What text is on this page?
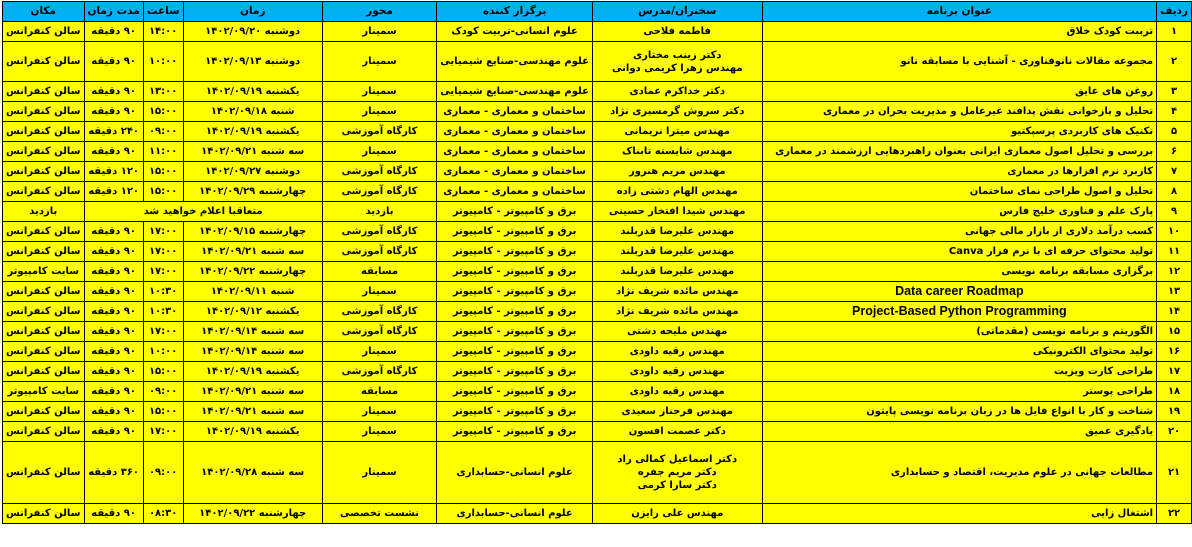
ردیف	عنوان برنامه	سخنران/مدرس	برگزار کننده	محور	زمان	ساعت	مدت زمان	مکان
۱	ترببت کودک خلاق	فاطمه فلاحی	علوم انسانی-تربیت کودک	سمینار	دوشنبه ۱۴۰۲/۰۹/۲۰	۱۴:۰۰	۹۰ دقیقه	سالن کنفرانس
۲	مجموعه مقالات نانوفناوری - آشنایی با مسابقه نانو	دکتر زینب مختاری
مهندس زهرا کریمی دوانی	علوم مهندسی-صنایع شیمیایی	سمینار	دوشنبه ۱۴۰۲/۰۹/۱۳	۱۰:۰۰	۹۰ دقیقه	سالن کنفرانس
۳	روغن های عایق	دکتر خداکرم عمادی	علوم مهندسی-صنایع شیمیایی	سمینار	یکشنبه ۱۴۰۲/۰۹/۱۹	۱۳:۰۰	۹۰ دقیقه	سالن کنفرانس
۴	تحلیل و بازخوانی نقش پدافند غیرعامل و مدیریت بحران در معماری	دکتر سروش گرمسیری نژاد	ساختمان و معماری - معماری	سمینار	شنبه ۱۴۰۲/۰۹/۱۸	۱۵:۰۰	۹۰ دقیقه	سالن کنفرانس
۵	تکنیک های کاربردی پرسپکتیو	مهندس میترا نریمانی	ساختمان و معماری - معماری	کارگاه آموزشی	یکشنبه ۱۴۰۲/۰۹/۱۹	۰۹:۰۰	۲۴۰ دقیقه	سالن کنفرانس
۶	بررسی و تحلیل اصول معماری ایرانی بعنوان راهبردهایی ارزشمند در معماری	مهندس شایسته تابناک	ساختمان و معماری - معماری	سمینار	سه شنبه ۱۴۰۲/۰۹/۲۱	۱۱:۰۰	۹۰ دقیقه	سالن کنفرانس
۷	کاربرد نرم افزارها در معماری	مهندس مریم هنرور	ساختمان و معماری - معماری	کارگاه آموزشی	دوشنبه ۱۴۰۲/۰۹/۲۷	۱۵:۰۰	۱۲۰ دقیقه	سالن کنفرانس
۸	تحلیل و اصول طراحی نمای ساختمان	مهندس الهام دشتی زاده	ساختمان و معماری - معماری	کارگاه آموزشی	چهارشنبه ۱۴۰۲/۰۹/۲۹	۱۵:۰۰	۱۲۰ دقیقه	سالن کنفرانس
۹	پارک علم و فناوری خلیج فارس	مهندس شیدا افتخار حسینی	برق و کامپیوتر - کامپیوتر	بازدید	متعاقبا اعلام خواهید شد			بازدید
۱۰	کسب درآمد دلاری از بازار مالی جهانی	مهندس علیرضا قدربلند	برق و کامپیوتر - کامپیوتر	کارگاه آموزشی	چهارشنبه ۱۴۰۲/۰۹/۱۵	۱۷:۰۰	۹۰ دقیقه	سالن کنفرانس
۱۱	تولید محتوای حرفه ای با نرم فزار Canva	مهندس علیرضا قدربلند	برق و کامپیوتر - کامپیوتر	کارگاه آموزشی	سه شنبه ۱۴۰۲/۰۹/۲۱	۱۷:۰۰	۹۰ دقیقه	سالن کنفرانس
۱۲	برگزاری مسابقه برنامه نویسی	مهندس علیرضا قدربلند	برق و کامپیوتر - کامپیوتر	مسابقه	چهارشنبه ۱۴۰۲/۰۹/۲۲	۱۷:۰۰	۹۰ دقیقه	سایت کامپیوتر
۱۳	Data career Roadmap	مهندس مائده شریف نژاد	برق و کامپیوتر - کامپیوتر	سمینار	شنبه ۱۴۰۲/۰۹/۱۱	۱۰:۳۰	۹۰ دقیقه	سالن کنفرانس
۱۴	Project-Based Python Programming	مهندس مائده شریف نژاد	برق و کامپیوتر - کامپیوتر	کارگاه آموزشی	یکشنبه ۱۴۰۲/۰۹/۱۲	۱۰:۳۰	۹۰ دقیقه	سالن کنفرانس
۱۵	الگوریتم و برنامه نویسی (مقدماتی)	مهندس ملیحه دشتی	برق و کامپیوتر - کامپیوتر	کارگاه آموزشی	سه شنبه ۱۴۰۲/۰۹/۱۴	۱۷:۰۰	۹۰ دقیقه	سالن کنفرانس
۱۶	تولید محتوای الکترونیکی	مهندس رقیه داودی	برق و کامپیوتر - کامپیوتر	سمینار	سه شنبه ۱۴۰۲/۰۹/۱۴	۱۰:۰۰	۹۰ دقیقه	سالن کنفرانس
۱۷	طراحی کارت ویزیت	مهندس رقیه داودی	برق و کامپیوتر - کامپیوتر	کارگاه آموزشی	یکشنبه ۱۴۰۲/۰۹/۱۹	۱۵:۰۰	۹۰ دقیقه	سالن کنفرانس
۱۸	طراحی پوستر	مهندس رقیه داودی	برق و کامپیوتر - کامپیوتر	مسابقه	سه شنبه ۱۴۰۲/۰۹/۲۱	۰۹:۰۰	۹۰ دقیقه	سایت کامپیوتر
۱۹	شناخت و کار با انواع فایل ها در زبان برنامه نویسی پایتون	مهندس فرحناز سعیدی	برق و کامپیوتر - کامپیوتر	سمینار	سه شنبه ۱۴۰۲/۰۹/۲۱	۱۵:۰۰	۹۰ دقیقه	سالن کنفرانس
۲۰	یادگیری عمیق	دکتر عصمت افسون	برق و کامپیوتر - کامپیوتر	سمینار	یکشنبه ۱۴۰۲/۰۹/۱۹	۱۷:۰۰	۹۰ دقیقه	سالن کنفرانس
۲۱	مطالعات جهانی در علوم مدیریت، اقتصاد و حسابداری	دکتر اسماعیل کمالی راد
دکتر مریم جفره
دکتر سارا کرمی	علوم انسانی-حسابداری	سمینار	سه شنبه ۱۴۰۲/۰۹/۲۸	۰۹:۰۰	۳۶۰ دقیقه	سالن کنفرانس
۲۲	اشتغال زایی	مهندس علی رایزن	علوم انسانی-حسابداری	نشست تخصصی	چهارشنبه ۱۴۰۲/۰۹/۲۲	۰۸:۳۰	۹۰ دقیقه	سالن کنفرانس
